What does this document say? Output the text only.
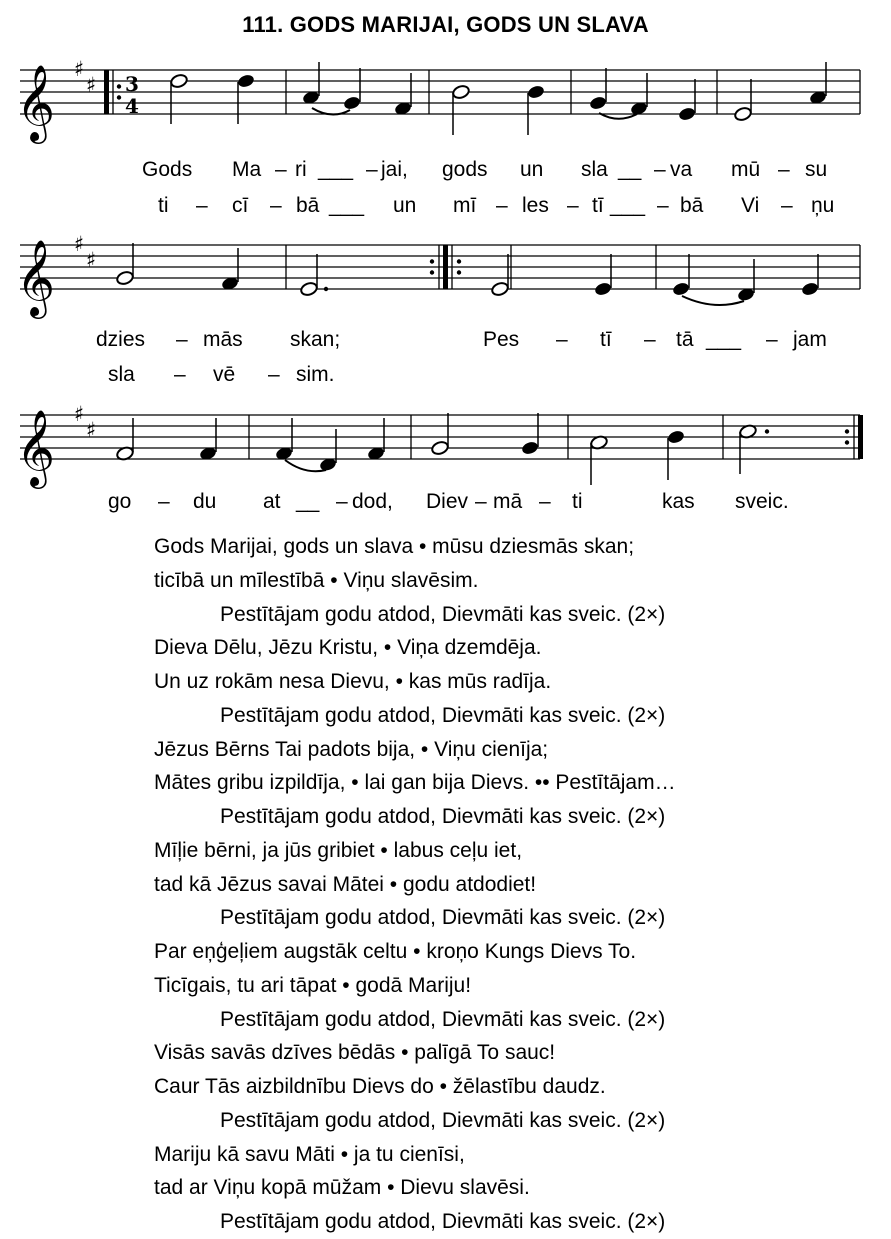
111. GODS MARIJAI, GODS UN SLAVA
𝄞 ♯
♯ 3
4
Gods Ma – ri ___ – jai, gods un sla __ – va mū – su
ti – cī – bā ___ un mī – les – tī ___ – bā Vi – ņu
𝄞 ♯
♯
dzies – mās skan;	Pes – tī – tā ___ – jam
sla – vē – sim.
𝄞 ♯
♯
go – du at __ – dod, Diev – mā – ti	kas sveic.
Gods Marijai, gods un slava • mūsu dziesmās skan;
ticībā un mīlestībā • Viņu slavēsim.
Pestītājam godu atdod, Dievmāti kas sveic. (2×)
Dieva Dēlu, Jēzu Kristu, • Viņa dzemdēja.
Un uz rokām nesa Dievu, • kas mūs radīja.
Pestītājam godu atdod, Dievmāti kas sveic. (2×)
Jēzus Bērns Tai padots bija, • Viņu cienīja;
Mātes gribu izpildīja, • lai gan bija Dievs. •• Pestītājam…
Pestītājam godu atdod, Dievmāti kas sveic. (2×)
Mīļie bērni, ja jūs gribiet • labus ceļu iet,
tad kā Jēzus savai Mātei • godu atdodiet!
Pestītājam godu atdod, Dievmāti kas sveic. (2×)
Par eņģeļiem augstāk celtu • kroņo Kungs Dievs To.
Ticīgais, tu ari tāpat • godā Mariju!
Pestītājam godu atdod, Dievmāti kas sveic. (2×)
Visās savās dzīves bēdās • palīgā To sauc!
Caur Tās aizbildnību Dievs do • žēlastību daudz.
Pestītājam godu atdod, Dievmāti kas sveic. (2×)
Mariju kā savu Māti • ja tu cienīsi,
tad ar Viņu kopā mūžam • Dievu slavēsi.
Pestītājam godu atdod, Dievmāti kas sveic. (2×)
